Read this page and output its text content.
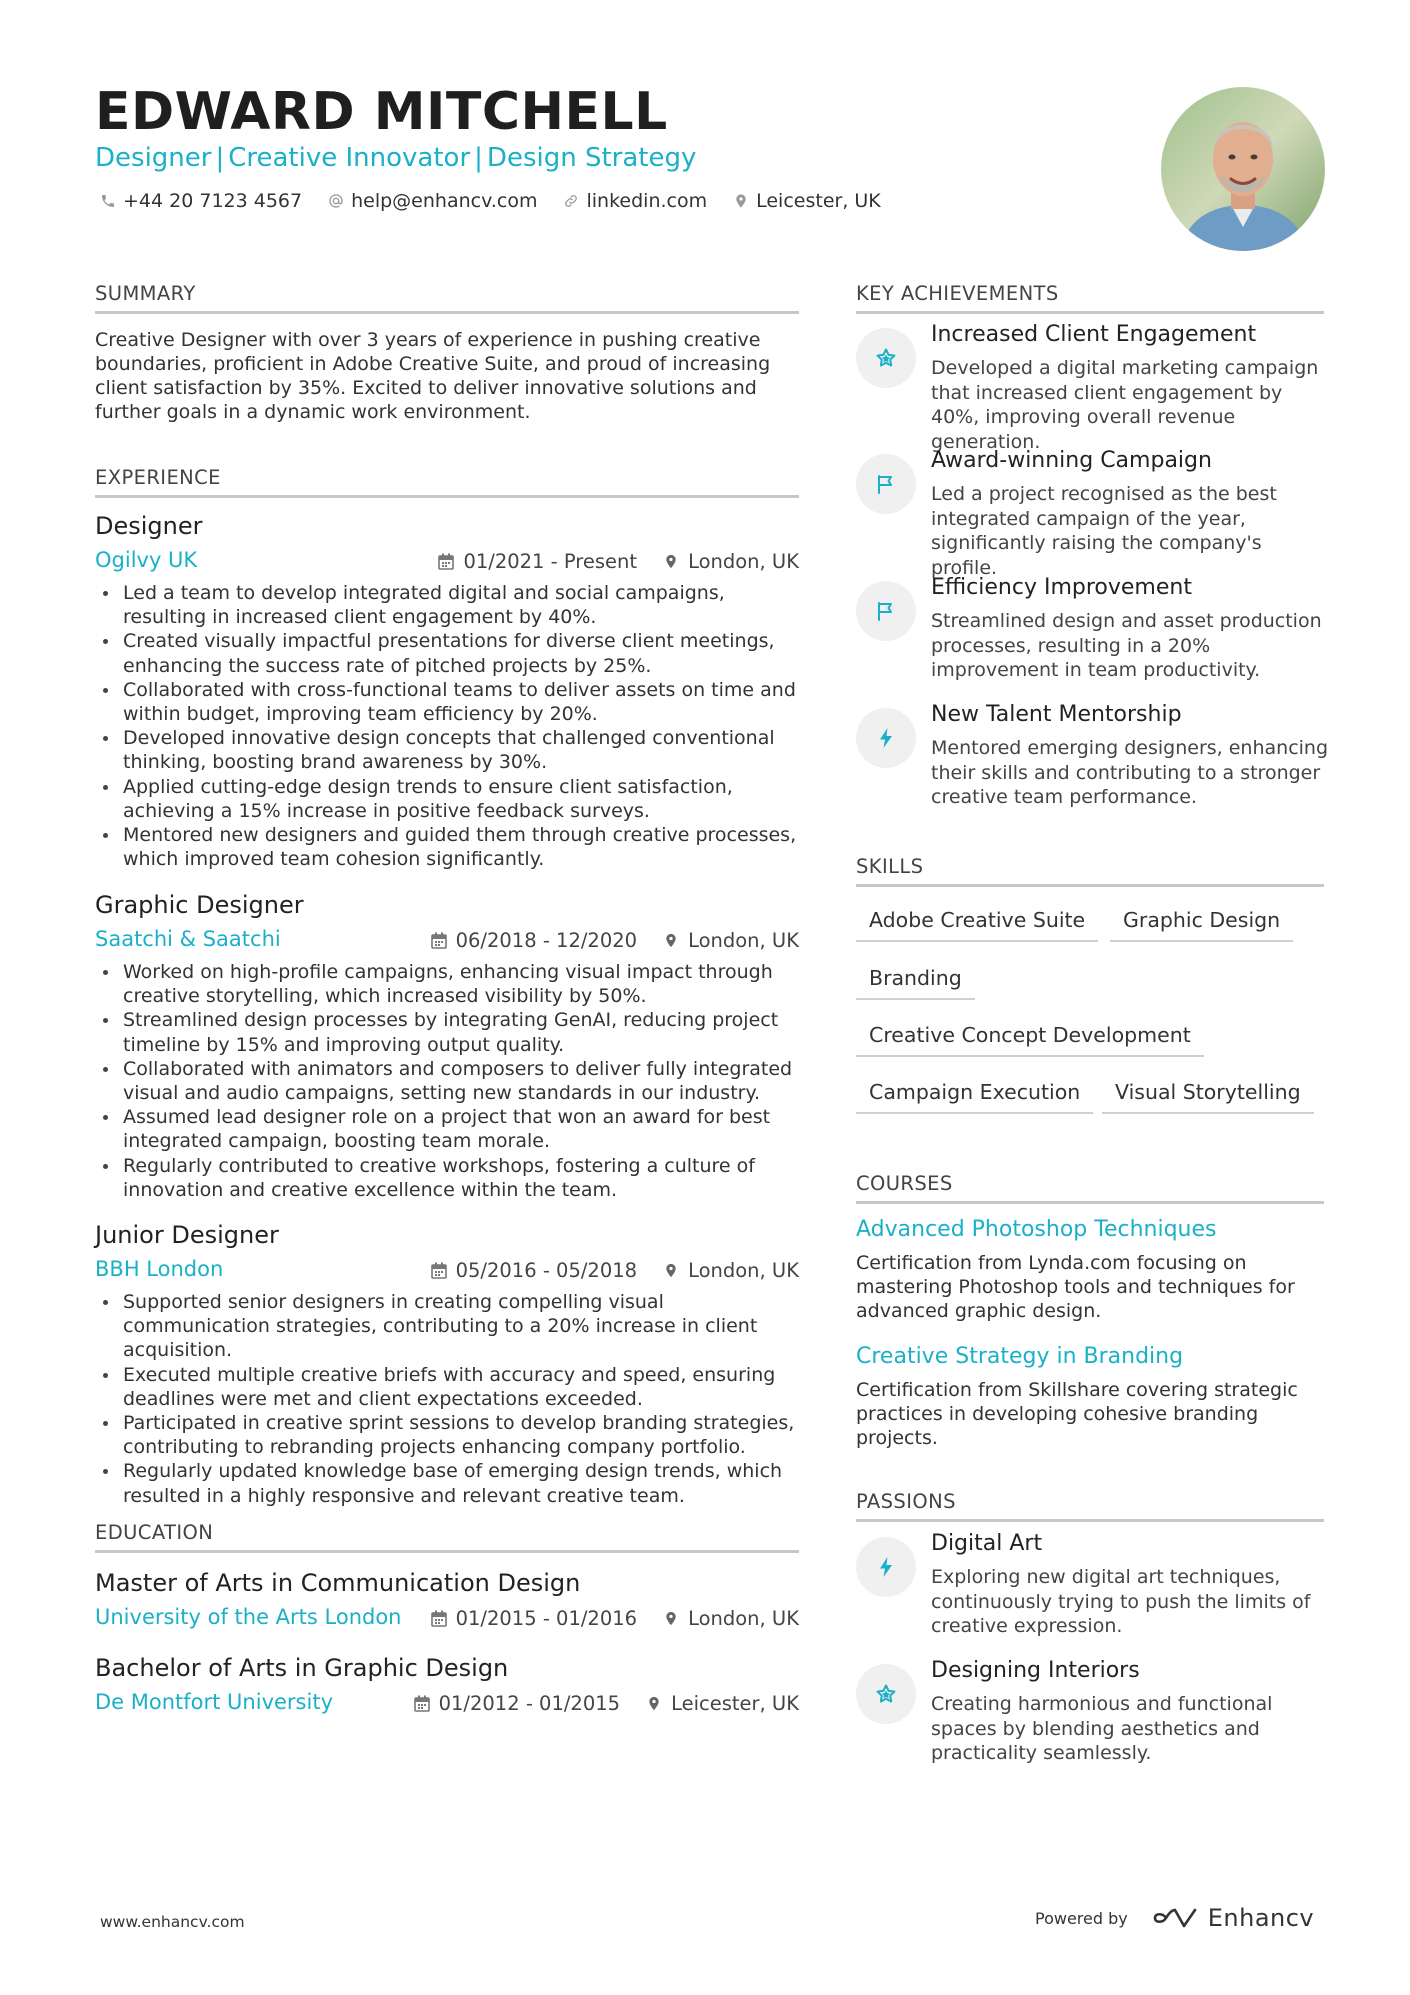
EDWARD MITCHELL
Designer | Creative Innovator | Design Strategy
+44 20 7123 4567	help@enhancv.com	linkedin.com	Leicester, UK
SUMMARY
Creative Designer with over 3 years of experience in pushing creative boundaries, proficient in Adobe Creative Suite, and proud of increasing client satisfaction by 35%. Excited to deliver innovative solutions and further goals in a dynamic work environment.
EXPERIENCE
Designer
Ogilvy UK	01/2021 - Present	London, UK
Led a team to develop integrated digital and social campaigns, resulting in increased client engagement by 40%.
Created visually impactful presentations for diverse client meetings, enhancing the success rate of pitched projects by 25%.
Collaborated with cross-functional teams to deliver assets on time and within budget, improving team efficiency by 20%.
Developed innovative design concepts that challenged conventional thinking, boosting brand awareness by 30%.
Applied cutting-edge design trends to ensure client satisfaction, achieving a 15% increase in positive feedback surveys.
Mentored new designers and guided them through creative processes, which improved team cohesion significantly.
Graphic Designer
Saatchi & Saatchi	06/2018 - 12/2020	London, UK
Worked on high-profile campaigns, enhancing visual impact through creative storytelling, which increased visibility by 50%.
Streamlined design processes by integrating GenAI, reducing project timeline by 15% and improving output quality.
Collaborated with animators and composers to deliver fully integrated visual and audio campaigns, setting new standards in our industry.
Assumed lead designer role on a project that won an award for best integrated campaign, boosting team morale.
Regularly contributed to creative workshops, fostering a culture of innovation and creative excellence within the team.
Junior Designer
BBH London	05/2016 - 05/2018	London, UK
Supported senior designers in creating compelling visual communication strategies, contributing to a 20% increase in client acquisition.
Executed multiple creative briefs with accuracy and speed, ensuring deadlines were met and client expectations exceeded.
Participated in creative sprint sessions to develop branding strategies, contributing to rebranding projects enhancing company portfolio.
Regularly updated knowledge base of emerging design trends, which resulted in a highly responsive and relevant creative team.
EDUCATION
Master of Arts in Communication Design
University of the Arts London	01/2015 - 01/2016	London, UK
Bachelor of Arts in Graphic Design
De Montfort University	01/2012 - 01/2015	Leicester, UK
KEY ACHIEVEMENTS
Increased Client Engagement
Developed a digital marketing campaign that increased client engagement by 40%, improving overall revenue generation.
Award-winning Campaign
Led a project recognised as the best integrated campaign of the year, significantly raising the company's profile.
Efficiency Improvement
Streamlined design and asset production processes, resulting in a 20% improvement in team productivity.
New Talent Mentorship
Mentored emerging designers, enhancing their skills and contributing to a stronger creative team performance.
SKILLS
Adobe Creative Suite	Graphic Design
Branding
Creative Concept Development
Campaign Execution	Visual Storytelling
COURSES
Advanced Photoshop Techniques
Certification from Lynda.com focusing on mastering Photoshop tools and techniques for advanced graphic design.
Creative Strategy in Branding
Certification from Skillshare covering strategic practices in developing cohesive branding projects.
PASSIONS
Digital Art
Exploring new digital art techniques, continuously trying to push the limits of creative expression.
Designing Interiors
Creating harmonious and functional spaces by blending aesthetics and practicality seamlessly.
www.enhancv.com	Powered by	Enhancv
